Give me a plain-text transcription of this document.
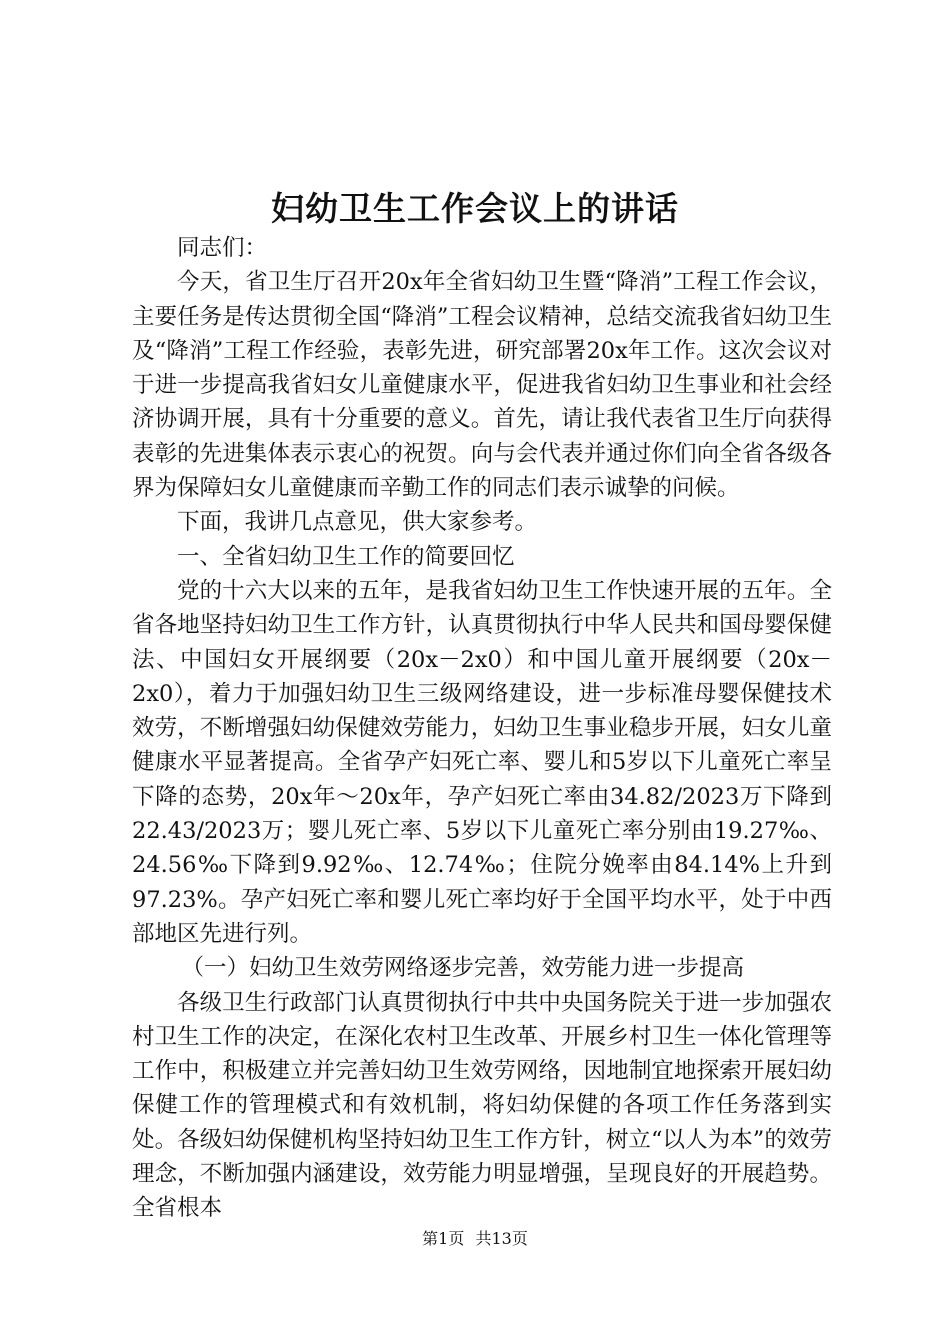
妇幼卫生工作会议上的讲话

同志们：

今天，省卫生厅召开20x年全省妇幼卫生暨“降消”工程工作会议，主要任务是传达贯彻全国“降消”工程会议精神，总结交流我省妇幼卫生及“降消”工程工作经验，表彰先进，研究部署20x年工作。这次会议对于进一步提高我省妇女儿童健康水平，促进我省妇幼卫生事业和社会经济协调开展，具有十分重要的意义。首先，请让我代表省卫生厅向获得表彰的先进集体表示衷心的祝贺。向与会代表并通过你们向全省各级各界为保障妇女儿童健康而辛勤工作的同志们表示诚挚的问候。

下面，我讲几点意见，供大家参考。

一、全省妇幼卫生工作的简要回忆

党的十六大以来的五年，是我省妇幼卫生工作快速开展的五年。全省各地坚持妇幼卫生工作方针，认真贯彻执行中华人民共和国母婴保健法、中国妇女开展纲要（20x－2x0）和中国儿童开展纲要（20x－2x0），着力于加强妇幼卫生三级网络建设，进一步标准母婴保健技术效劳，不断增强妇幼保健效劳能力，妇幼卫生事业稳步开展，妇女儿童健康水平显著提高。全省孕产妇死亡率、婴儿和5岁以下儿童死亡率呈下降的态势，20x年～20x年，孕产妇死亡率由34.82/2023万下降到22.43/2023万；婴儿死亡率、5岁以下儿童死亡率分别由19.27‰、24.56‰下降到9.92‰、12.74‰；住院分娩率由84.14%上升到97.23%。孕产妇死亡率和婴儿死亡率均好于全国平均水平，处于中西部地区先进行列。

（一）妇幼卫生效劳网络逐步完善，效劳能力进一步提高

各级卫生行政部门认真贯彻执行中共中央国务院关于进一步加强农村卫生工作的决定，在深化农村卫生改革、开展乡村卫生一体化管理等工作中，积极建立并完善妇幼卫生效劳网络，因地制宜地探索开展妇幼保健工作的管理模式和有效机制，将妇幼保健的各项工作任务落到实处。各级妇幼保健机构坚持妇幼卫生工作方针，树立“以人为本”的效劳理念，不断加强内涵建设，效劳能力明显增强，呈现良好的开展趋势。全省根本

第1页 共13页
